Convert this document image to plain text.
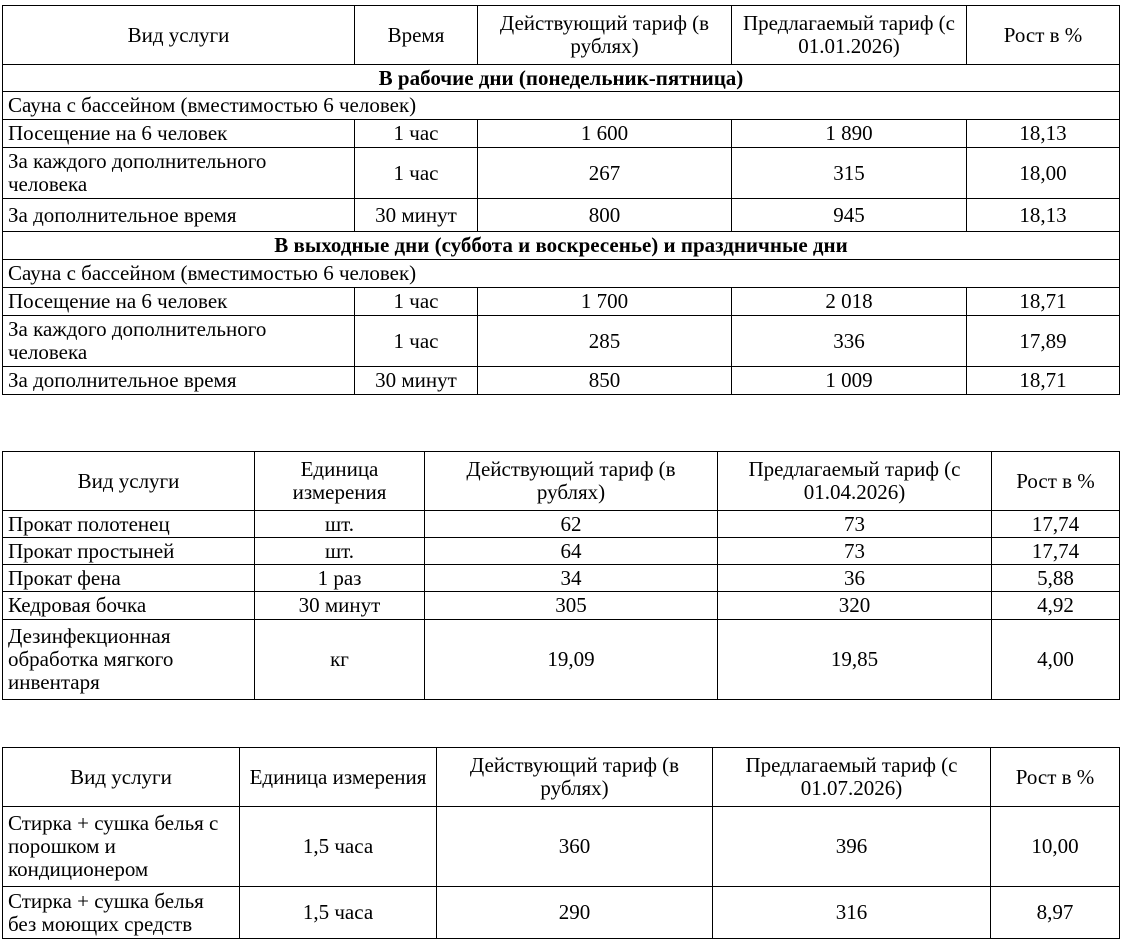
Вид услуги	Время	Действующий тариф (в рублях)	Предлагаемый тариф (с 01.01.2026)	Рост в %
В рабочие дни (понедельник-пятница)				
Сауна с бассейном (вместимостью 6 человек)				
Посещение на 6 человек	1 час	1 600	1 890	18,13
За каждого дополнительного человека	1 час	267	315	18,00
За дополнительное время	30 минут	800	945	18,13
В выходные дни (суббота и воскресенье) и праздничные дни				
Сауна с бассейном (вместимостью 6 человек)				
Посещение на 6 человек	1 час	1 700	2 018	18,71
За каждого дополнительного человека	1 час	285	336	17,89
За дополнительное время	30 минут	850	1 009	18,71
Вид услуги	Единица измерения	Действующий тариф (в рублях)	Предлагаемый тариф (с 01.04.2026)	Рост в %
Прокат полотенец	шт.	62	73	17,74
Прокат простыней	шт.	64	73	17,74
Прокат фена	1 раз	34	36	5,88
Кедровая бочка	30 минут	305	320	4,92
Дезинфекционная обработка мягкого инвентаря	кг	19,09	19,85	4,00
Вид услуги	Единица измерения	Действующий тариф (в рублях)	Предлагаемый тариф (с 01.07.2026)	Рост в %
Стирка + сушка белья с порошком и кондиционером	1,5 часа	360	396	10,00
Стирка + сушка белья без моющих средств	1,5 часа	290	316	8,97
